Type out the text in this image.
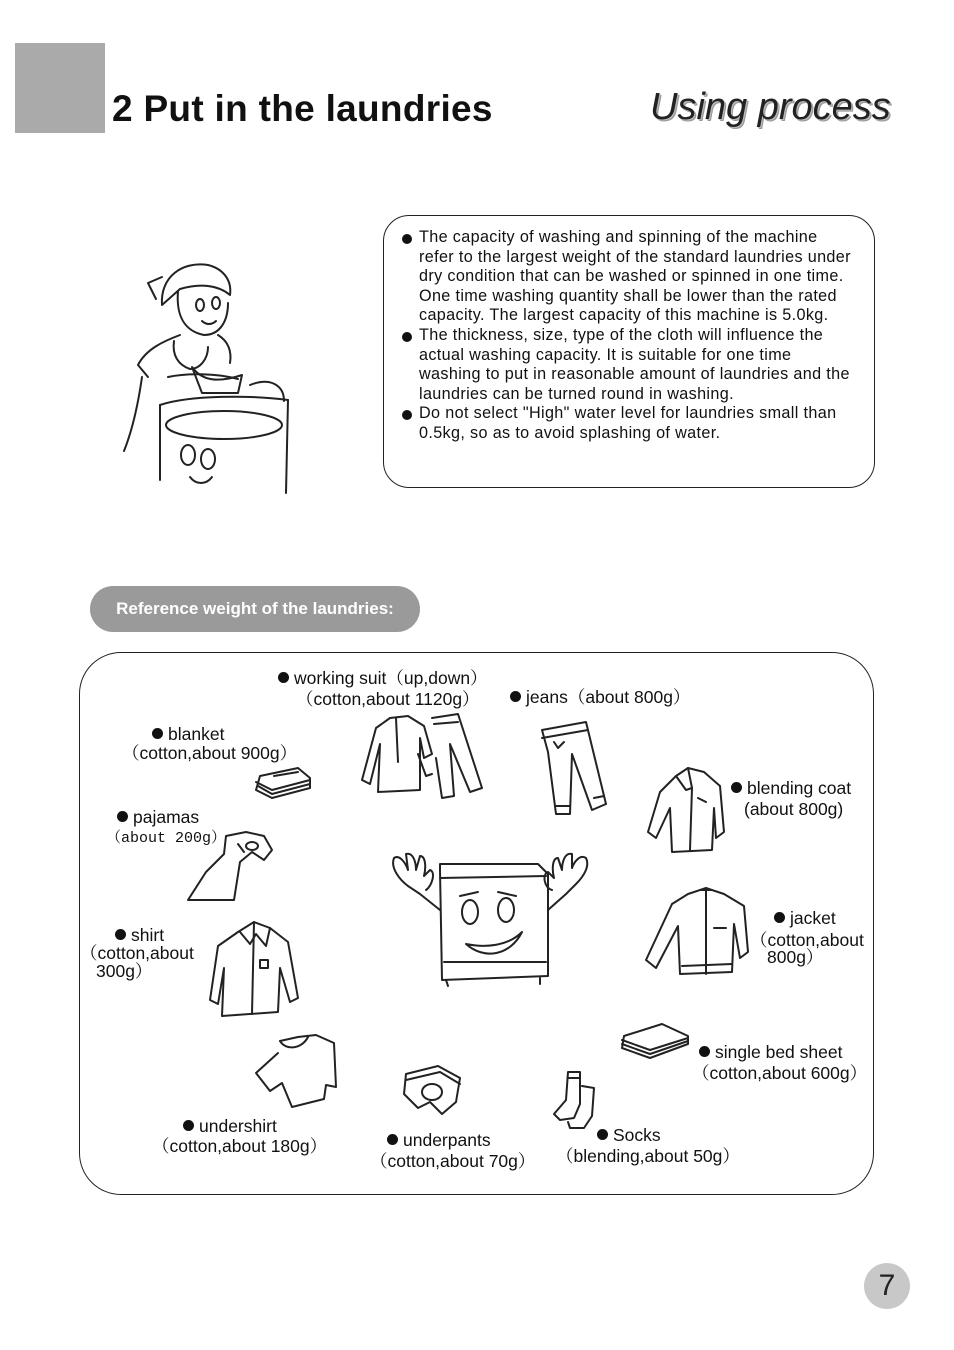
2 Put in the laundries	Using process
The capacity of washing and spinning of the machine refer to the largest weight of the standard laundries under dry condition that can be washed or spinned in one time. One time washing quantity shall be lower than the rated capacity. The largest capacity of this machine is 5.0kg.
The thickness, size, type of the cloth will influence the actual washing capacity. It is suitable for one time washing to put in reasonable amount of laundries and the laundries can be turned round in washing.
Do not select "High" water level for laundries small than 0.5kg, so as to avoid splashing of water.
Reference weight of the laundries:
working suit（up,down）
（cotton,about 1120g）	jeans（about 800g）
blanket
（cotton,about 900g）
blending coat
(about 800g)
pajamas
（about 200g）
jacket
（cotton,about
800g）
shirt
（cotton,about
300g）
single bed sheet
（cotton,about 600g）
undershirt
（cotton,about 180g）	underpants
（cotton,about 70g）
Socks
（blending,about 50g）
7
